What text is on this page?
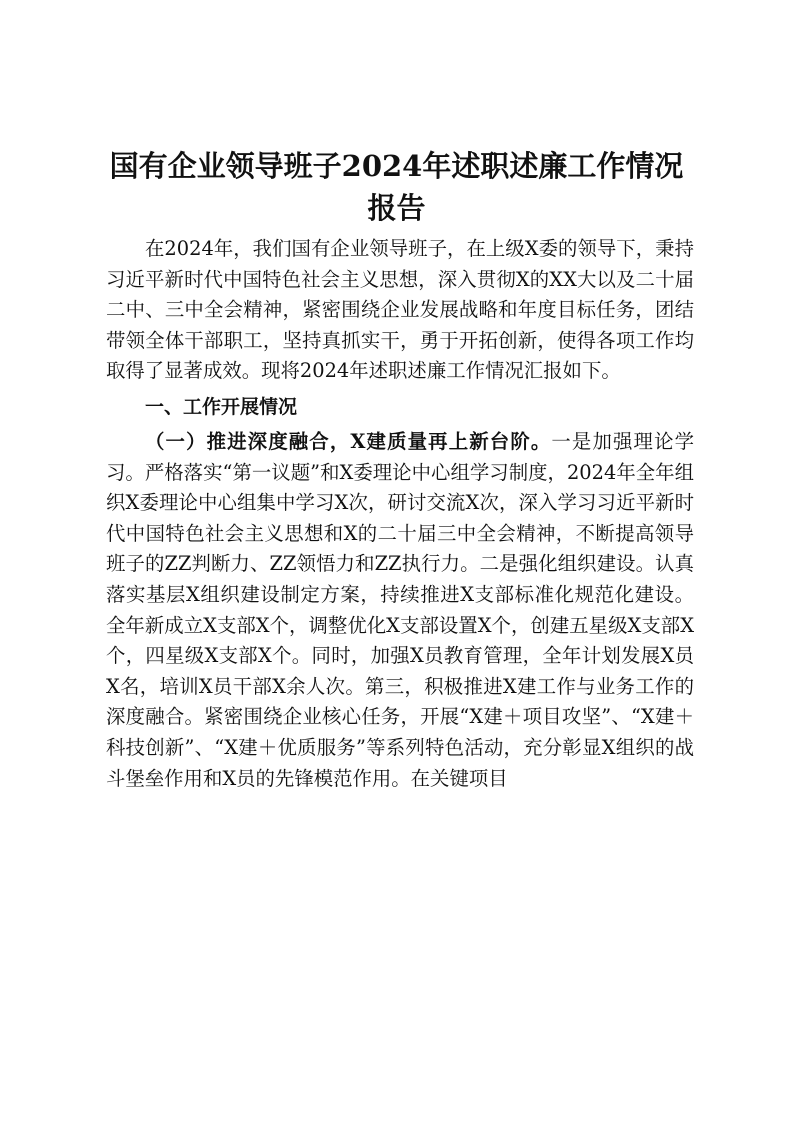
国有企业领导班子2024年述职述廉工作情况
报告

在2024年，我们国有企业领导班子，在上级X委的领导下，秉持习近平新时代中国特色社会主义思想，深入贯彻X的XX大以及二十届二中、三中全会精神，紧密围绕企业发展战略和年度目标任务，团结带领全体干部职工，坚持真抓实干，勇于开拓创新，使得各项工作均取得了显著成效。现将2024年述职述廉工作情况汇报如下。

一、工作开展情况

（一）推进深度融合，X建质量再上新台阶。一是加强理论学习。严格落实“第一议题”和X委理论中心组学习制度，2024年全年组织X委理论中心组集中学习X次，研讨交流X次，深入学习习近平新时代中国特色社会主义思想和X的二十届三中全会精神，不断提高领导班子的ZZ判断力、ZZ领悟力和ZZ执行力。二是强化组织建设。认真落实基层X组织建设制定方案，持续推进X支部标准化规范化建设。全年新成立X支部X个，调整优化X支部设置X个，创建五星级X支部X个，四星级X支部X个。同时，加强X员教育管理，全年计划发展X员X名，培训X员干部X余人次。第三，积极推进X建工作与业务工作的深度融合。紧密围绕企业核心任务，开展“X建＋项目攻坚”、“X建＋科技创新”、“X建＋优质服务”等系列特色活动，充分彰显X组织的战斗堡垒作用和X员的先锋模范作用。在关键项目
